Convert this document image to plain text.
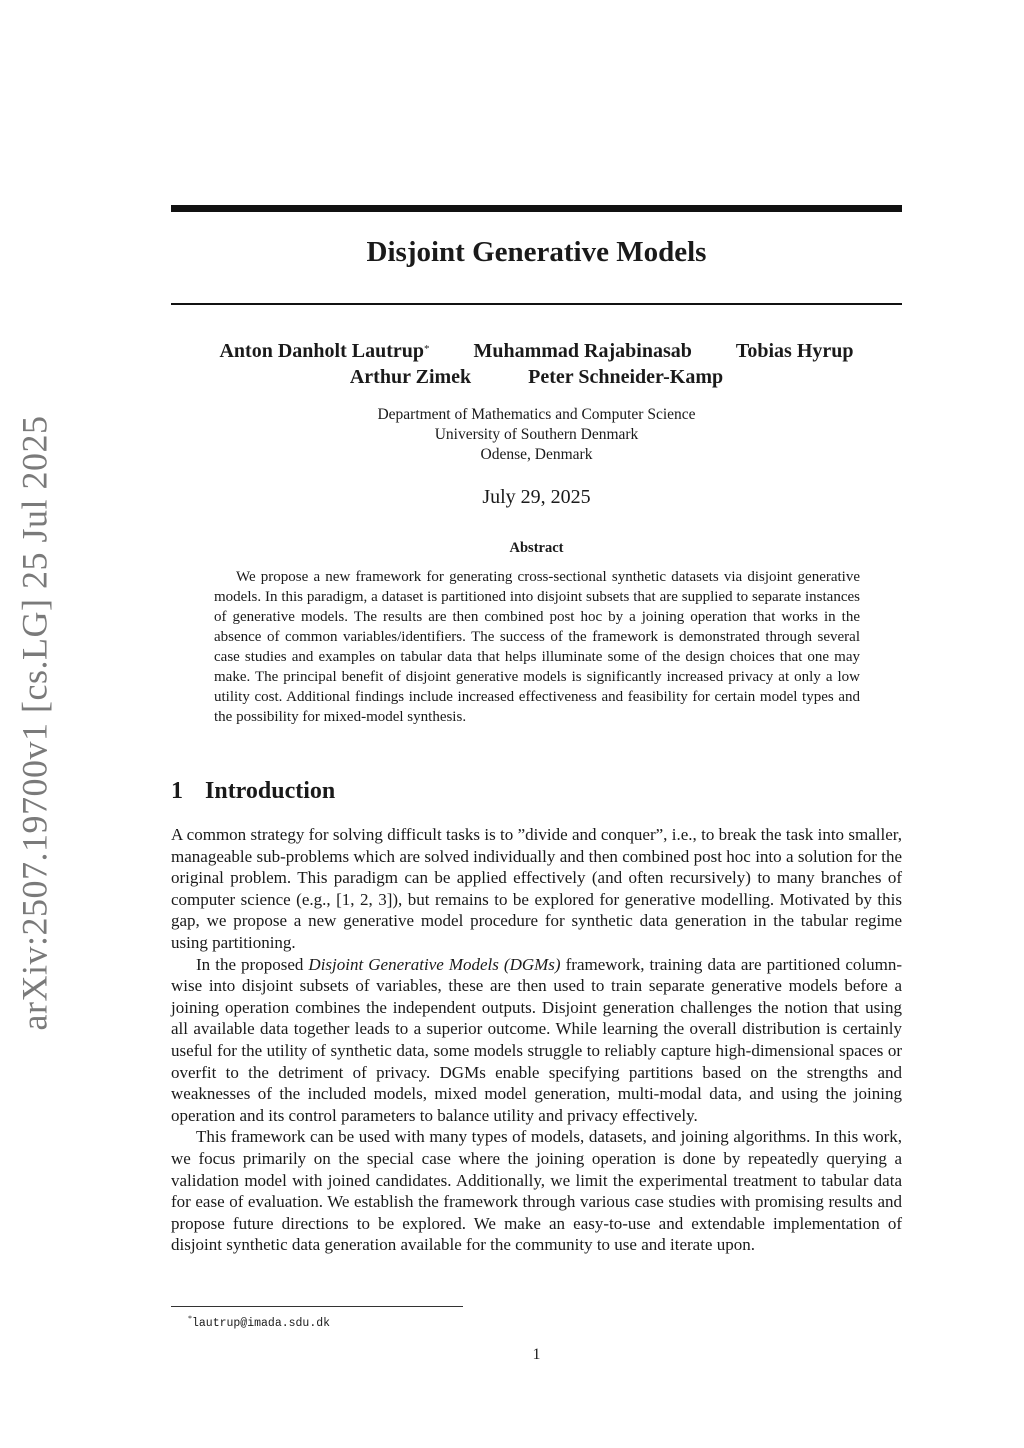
arXiv:2507.19700v1 [cs.LG] 25 Jul 2025
Disjoint Generative Models
Anton Danholt Lautrup* Muhammad Rajabinasab Tobias Hyrup
Arthur Zimek	Peter Schneider-Kamp
Department of Mathematics and Computer Science
University of Southern Denmark
Odense, Denmark
July 29, 2025
Abstract

We propose a new framework for generating cross-sectional synthetic datasets via disjoint generative models. In this paradigm, a dataset is partitioned into disjoint subsets that are supplied to separate instances of generative models. The results are then combined post hoc by a joining operation that works in the absence of common variables/identifiers. The success of the framework is demonstrated through several case studies and examples on tabular data that helps illuminate some of the design choices that one may make. The principal benefit of disjoint generative models is significantly increased privacy at only a low utility cost. Additional findings include increased effectiveness and feasibility for certain model types and the possibility for mixed-model synthesis.

1 Introduction

A common strategy for solving difficult tasks is to ”divide and conquer”, i.e., to break the task into smaller, manageable sub-problems which are solved individually and then combined post hoc into a solution for the original problem. This paradigm can be applied effectively (and often recursively) to many branches of computer science (e.g., [1, 2, 3]), but remains to be explored for generative modelling. Motivated by this gap, we propose a new generative model procedure for synthetic data generation in the tabular regime using partitioning.

In the proposed Disjoint Generative Models (DGMs) framework, training data are partitioned column-wise into disjoint subsets of variables, these are then used to train separate generative models before a joining operation combines the independent outputs. Disjoint generation challenges the notion that using all available data together leads to a superior outcome. While learning the overall distribution is certainly useful for the utility of synthetic data, some models struggle to reliably capture high-dimensional spaces or overfit to the detriment of privacy. DGMs enable specifying partitions based on the strengths and weaknesses of the included models, mixed model generation, multi-modal data, and using the joining operation and its control parameters to balance utility and privacy effectively.

This framework can be used with many types of models, datasets, and joining algorithms. In this work, we focus primarily on the special case where the joining operation is done by repeatedly querying a validation model with joined candidates. Additionally, we limit the experimental treatment to tabular data for ease of evaluation. We establish the framework through various case studies with promising results and propose future directions to be explored. We make an easy-to-use and extendable implementation of disjoint synthetic data generation available for the community to use and iterate upon.

*lautrup@imada.sdu.dk
1
